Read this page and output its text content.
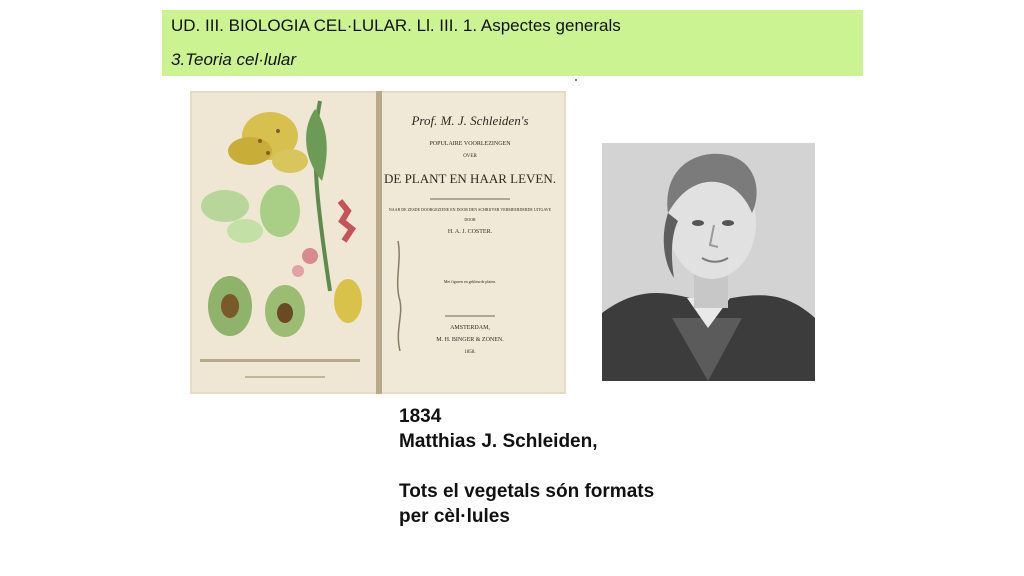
UD. III. BIOLOGIA CEL·LULAR. Ll. III. 1. Aspectes generals
3.Teoria cel·lular
Prof. M. J. Schleiden's
POPULAIRE VOORLEZINGEN
OVER
DE PLANT EN HAAR LEVEN.
NAAR DE ZESDE DOORGEZIENE EN DOOR DEN SCHRIJVER VERMEERDERDE UITGAVE
DOOR
H. A. J. COSTER.
Met figuren en gekleurde platen.
AMSTERDAM,
M. H. BINGER & ZONEN.
1858.
1834
Matthias J. Schleiden,
Tots el vegetals són formats
per cèl·lules
